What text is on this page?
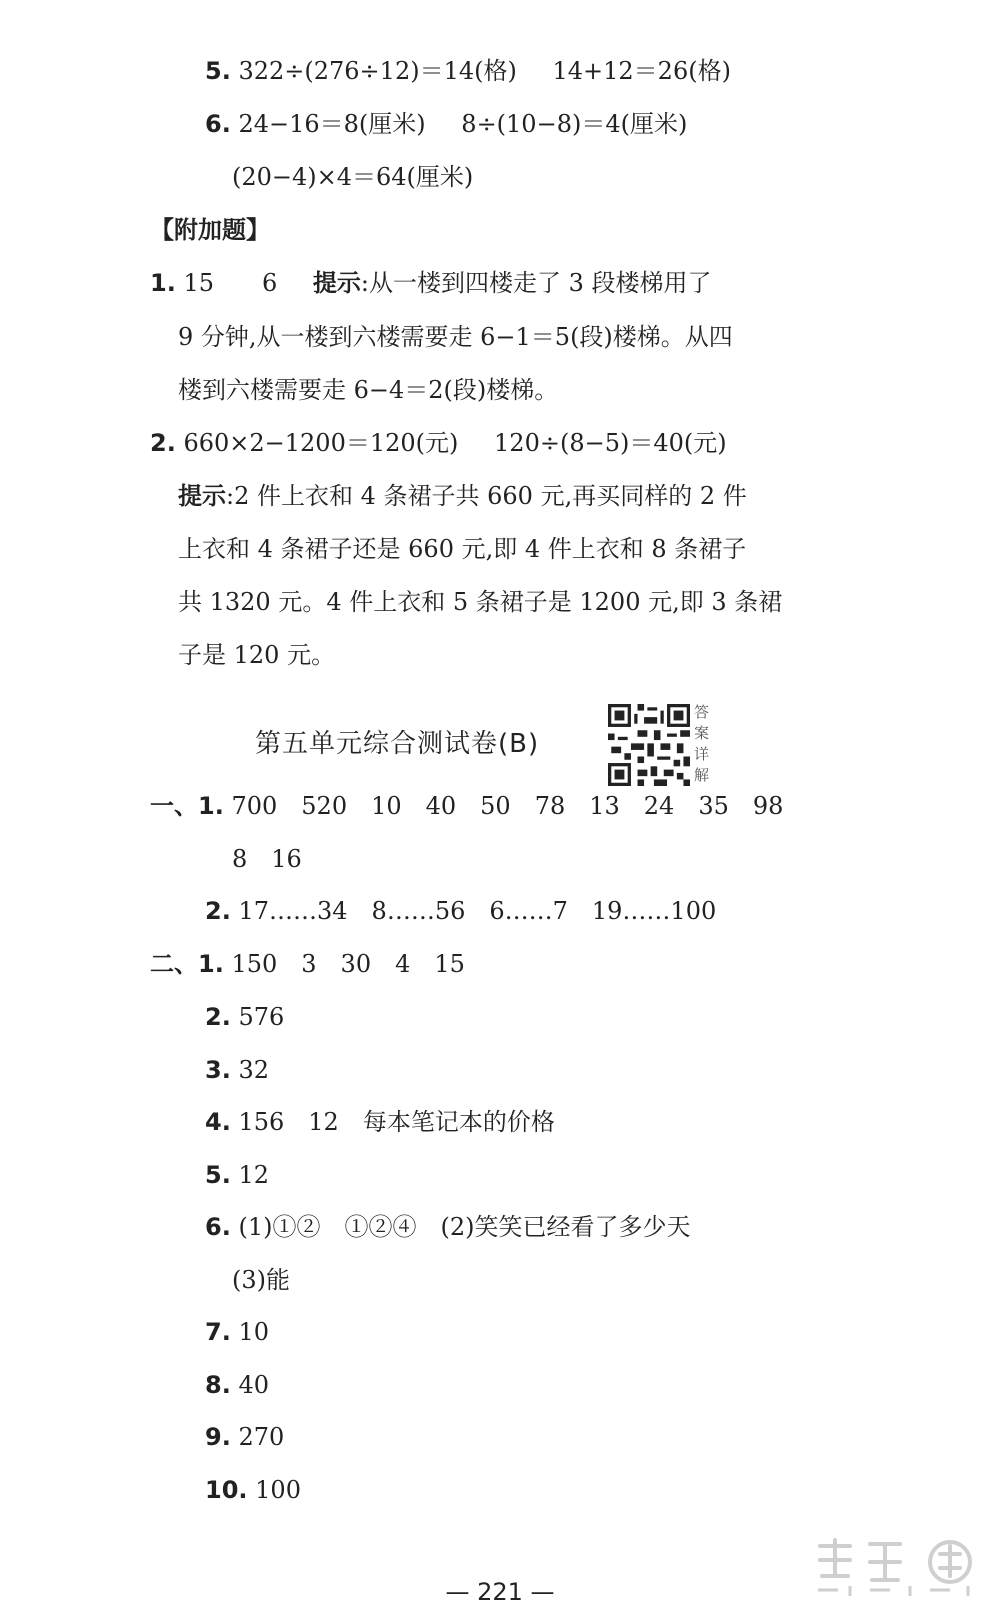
5. 322÷(276÷12)＝14(格) 14+12＝26(格)
6. 24−16＝8(厘米) 8÷(10−8)＝4(厘米)
(20−4)×4＝64(厘米)
【附加题】
1. 15　　6 提示:从一楼到四楼走了 3 段楼梯用了
9 分钟,从一楼到六楼需要走 6−1＝5(段)楼梯。从四
楼到六楼需要走 6−4＝2(段)楼梯。
2. 660×2−1200＝120(元) 120÷(8−5)＝40(元)
提示:2 件上衣和 4 条裙子共 660 元,再买同样的 2 件
上衣和 4 条裙子还是 660 元,即 4 件上衣和 8 条裙子
共 1320 元。4 件上衣和 5 条裙子是 1200 元,即 3 条裙
子是 120 元。
第五单元综合测试卷(B)
答案详解
一、1. 700　520　10　40　50　78　13　24　35　98
8　16
2. 17……34　8……56　6……7　19……100
二、1. 150　3　30　4　15
2. 576
3. 32
4. 156　12　每本笔记本的价格
5. 12
6. (1)①②　①②④　(2)笑笑已经看了多少天
(3)能
7. 10
8. 40
9. 270
10. 100
— 221 —
